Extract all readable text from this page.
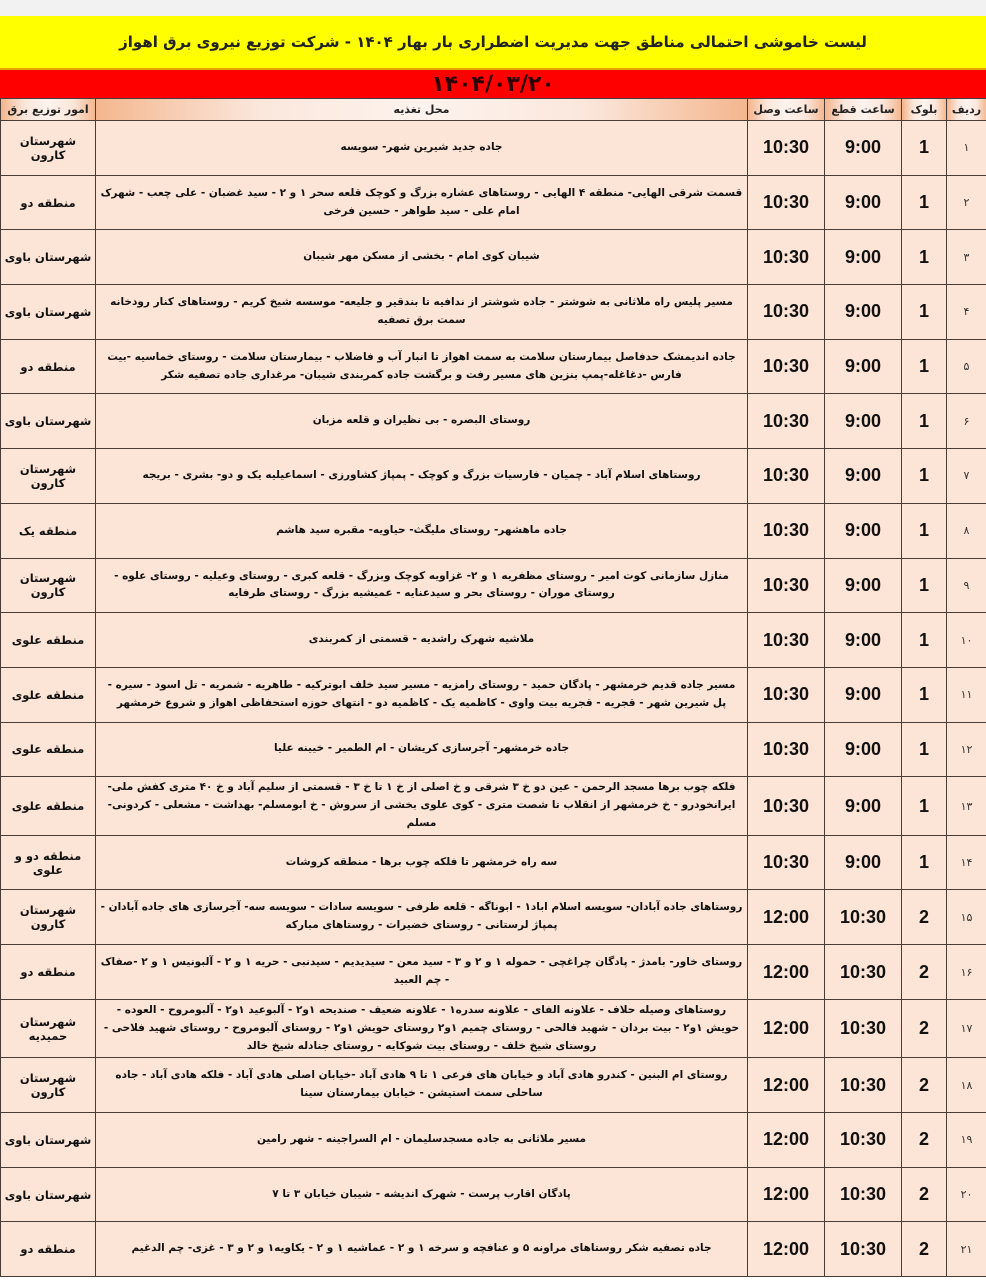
لیست خاموشی احتمالی مناطق جهت مدیریت اضطراری بار بهار ۱۴۰۴ - شرکت توزیع نیروی برق اهواز
۱۴۰۴/۰۳/۲۰
ردیف	بلوک	ساعت قطع	ساعت وصل	محل تغذیه	امور توزیع برق
۱	1	9:00	10:30	جاده جدید شیرین شهر- سویسه	شهرستان کارون
۲	1	9:00	10:30	قسمت شرقی الهایی- منطقه ۴ الهایی - روستاهای عشاره بزرگ و کوچک قلعه سحر ۱ و ۲ - سید غضبان - علی چعب - شهرک امام علی - سید طواهر - حسین فرخی	منطقه دو
۳	1	9:00	10:30	شیبان کوی امام - بخشی از مسکن مهر شیبان	شهرستان باوی
۴	1	9:00	10:30	مسیر پلیس راه ملاثانی به شوشتر - جاده شوشتر از ندافیه تا بندقیر و جلیعه- موسسه شیخ کریم - روستاهای کنار رودخانه سمت برق تصفیه	شهرستان باوی
۵	1	9:00	10:30	جاده اندیمشک حدفاصل بیمارستان سلامت به سمت اهواز تا انبار آب و فاضلاب - بیمارستان سلامت - روستای خماسیه -بیت فارس -دغاغله-پمپ بنزین های مسیر رفت و برگشت جاده کمربندی شیبان- مرغداری جاده تصفیه شکر	منطقه دو
۶	1	9:00	10:30	روستای البصره - بی نظیران و قلعه مزبان	شهرستان باوی
۷	1	9:00	10:30	روستاهای اسلام آباد - چمیان - فارسیات بزرگ و کوچک - پمپاژ کشاورزی - اسماعیلیه یک و دو- بشری - بریجه	شهرستان کارون
۸	1	9:00	10:30	جاده ماهشهر- روستای ملیگث- حیاویه- مقبره سید هاشم	منطقه یک
۹	1	9:00	10:30	منازل سازمانی کوت امیر - روستای مظفریه ۱ و ۲- غزاویه کوچک وبزرگ - قلعه کبری - روستای وعیلیه - روستای علوه - روستای موران - روستای بحر و سیدعنایه - عمیشیه بزرگ - روستای طرفایه	شهرستان کارون
۱۰	1	9:00	10:30	ملاشیه شهرک راشدیه - قسمتی از کمربندی	منطقه علوی
۱۱	1	9:00	10:30	مسیر جاده قدیم خرمشهر - پادگان حمید - روستای رامزیه - مسیر سید خلف ابوترکیه - طاهریه - شمریه - تل اسود - سیره - پل شیرین شهر - قجریه - قجریه بیت واوی - کاظمیه یک - کاظمیه دو - انتهای حوزه استحفاظی اهواز و شروع خرمشهر	منطقه علوی
۱۲	1	9:00	10:30	جاده خرمشهر- آجرسازی کریشان - ام الطمیر - خیینه علیا	منطقه علوی
۱۳	1	9:00	10:30	فلکه چوب برها مسجد الرحمن - عین دو خ ۳ شرقی و خ اصلی از خ ۱ تا خ ۳ - قسمتی از سلیم آباد و خ ۴۰ متری کفش ملی-ایرانخودرو - خ خرمشهر از انقلاب تا شصت متری - کوی علوی بخشی از سروش - خ ابومسلم- بهداشت - مشعلی - کردونی- مسلم	منطقه علوی
۱۴	1	9:00	10:30	سه راه خرمشهر تا فلکه چوب برها - منطقه کروشات	منطقه دو و علوی
۱۵	2	10:30	12:00	روستاهای جاده آبادان- سویسه اسلام اباد۱ - ابوناگه - قلعه طرفی - سویسه سادات - سویسه سه- آجرسازی های جاده آبادان - پمپاژ لرستانی - روستای خضیرات - روستاهای مبارکه	شهرستان کارون
۱۶	2	10:30	12:00	روستای خاور- بامدژ - پادگان چراغچی - حموله ۱ و ۲ و ۳ - سید معن - سیدیدیم - سیدنبی - حریه ۱ و ۲ - آلبونیس ۱ و ۲ -صفاک - چم العبید	منطقه دو
۱۷	2	10:30	12:00	روستاهای وصیله حلاف - علاونه الفای - علاونه سدره۱ - علاونه ضعیف - صندیحه ۱و۲ - آلبوعید ۱و۲ - آلبومروح - العوده - حویش ۱و۲ - بیت بردان - شهید فالحی - روستای چمیم ۱و۲ روستای حویش ۱و۲ - روستای آلبومروح - روستای شهید فلاحی - روستای شیخ خلف - روستای بیت شوکایه - روستای جنادله شیخ خالد	شهرستان حمیدیه
۱۸	2	10:30	12:00	روستای ام البنین - کندرو هادی آباد و خیابان های فرعی ۱ تا ۹ هادی آباد -خیابان اصلی هادی آباد - فلکه هادی آباد - جاده ساحلی سمت استیشن - خیابان بیمارستان سینا	شهرستان کارون
۱۹	2	10:30	12:00	مسیر ملاثانی به جاده مسجدسلیمان - ام السراجینه - شهر رامین	شهرستان باوی
۲۰	2	10:30	12:00	پادگان اقارب پرست - شهرک اندیشه - شیبان خیابان ۳ تا ۷	شهرستان باوی
۲۱	2	10:30	12:00	جاده تصفیه شکر روستاهای مراونه ۵ و عنافچه و سرخه ۱ و ۲ - عماشیه ۱ و ۲ - یکاویه۱ و ۲ و ۳ - غزی- چم الدغیم	منطقه دو
